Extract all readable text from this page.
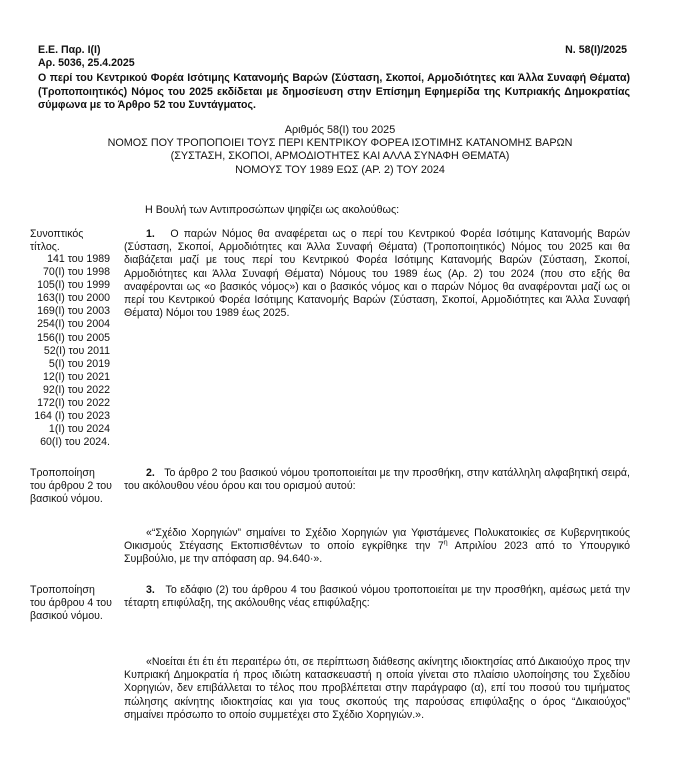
Ε.Ε. Παρ. Ι(Ι)
Αρ. 5036, 25.4.2025
Ν. 58(Ι)/2025
Ο περί του Κεντρικού Φορέα Ισότιμης Κατανομής Βαρών (Σύσταση, Σκοποί, Αρμοδιότητες και Άλλα Συναφή Θέματα) (Τροποποιητικός) Νόμος του 2025 εκδίδεται με δημοσίευση στην Επίσημη Εφημερίδα της Κυπριακής Δημοκρατίας σύμφωνα με το Άρθρο 52 του Συντάγματος.
Αριθμός 58(Ι) του 2025
ΝΟΜΟΣ ΠΟΥ ΤΡΟΠΟΠΟΙΕΙ ΤΟΥΣ ΠΕΡΙ ΚΕΝΤΡΙΚΟΥ ΦΟΡΕΑ ΙΣΟΤΙΜΗΣ ΚΑΤΑΝΟΜΗΣ ΒΑΡΩΝ
(ΣΥΣΤΑΣΗ, ΣΚΟΠΟΙ, ΑΡΜΟΔΙΟΤΗΤΕΣ ΚΑΙ ΑΛΛΑ ΣΥΝΑΦΗ ΘΕΜΑΤΑ)
ΝΟΜΟΥΣ ΤΟΥ 1989 ΕΩΣ (ΑΡ. 2) ΤΟΥ 2024
Η Βουλή των Αντιπροσώπων ψηφίζει ως ακολούθως:
Συνοπτικός τίτλος.
141 του 1989
70(Ι) του 1998
105(Ι) του 1999
163(Ι) του 2000
169(Ι) του 2003
254(Ι) του 2004
156(Ι) του 2005
52(Ι) του 2011
5(Ι) του 2019
12(Ι) του 2021
92(Ι) του 2022
172(Ι) του 2022
164 (Ι) του 2023
1(Ι) του 2024
60(Ι) του 2024.
1. Ο παρών Νόμος θα αναφέρεται ως ο περί του Κεντρικού Φορέα Ισότιμης Κατανομής Βαρών (Σύσταση, Σκοποί, Αρμοδιότητες και Άλλα Συναφή Θέματα) (Τροποποιητικός) Νόμος του 2025 και θα διαβάζεται μαζί με τους περί του Κεντρικού Φορέα Ισότιμης Κατανομής Βαρών (Σύσταση, Σκοποί, Αρμοδιότητες και Άλλα Συναφή Θέματα) Νόμους του 1989 έως (Αρ. 2) του 2024 (που στο εξής θα αναφέρονται ως «ο βασικός νόμος») και ο βασικός νόμος και ο παρών Νόμος θα αναφέρονται μαζί ως οι περί του Κεντρικού Φορέα Ισότιμης Κατανομής Βαρών (Σύσταση, Σκοποί, Αρμοδιότητες και Άλλα Συναφή Θέματα) Νόμοι του 1989 έως 2025.
Τροποποίηση του άρθρου 2 του βασικού νόμου.
2. Το άρθρο 2 του βασικού νόμου τροποποιείται με την προσθήκη, στην κατάλληλη αλφαβητική σειρά, του ακόλουθου νέου όρου και του ορισμού αυτού:
«“Σχέδιο Χορηγιών” σημαίνει το Σχέδιο Χορηγιών για Υφιστάμενες Πολυκατοικίες σε Κυβερνητικούς Οικισμούς Στέγασης Εκτοπισθέντων το οποίο εγκρίθηκε την $7^\eta$ Απριλίου 2023 από το Υπουργικό Συμβούλιο, με την απόφαση αρ. 94.640·».
Τροποποίηση του άρθρου 4 του βασικού νόμου.
3. Το εδάφιο (2) του άρθρου 4 του βασικού νόμου τροποποιείται με την προσθήκη, αμέσως μετά την τέταρτη επιφύλαξη, της ακόλουθης νέας επιφύλαξης:
«Νοείται έτι έτι έτι περαιτέρω ότι, σε περίπτωση διάθεσης ακίνητης ιδιοκτησίας από Δικαιούχο προς την Κυπριακή Δημοκρατία ή προς ιδιώτη κατασκευαστή η οποία γίνεται στο πλαίσιο υλοποίησης του Σχεδίου Χορηγιών, δεν επιβάλλεται το τέλος που προβλέπεται στην παράγραφο (α), επί του ποσού του τιμήματος πώλησης ακίνητης ιδιοκτησίας και για τους σκοπούς της παρούσας επιφύλαξης ο όρος “Δικαιούχος” σημαίνει πρόσωπο το οποίο συμμετέχει στο Σχέδιο Χορηγιών.».
